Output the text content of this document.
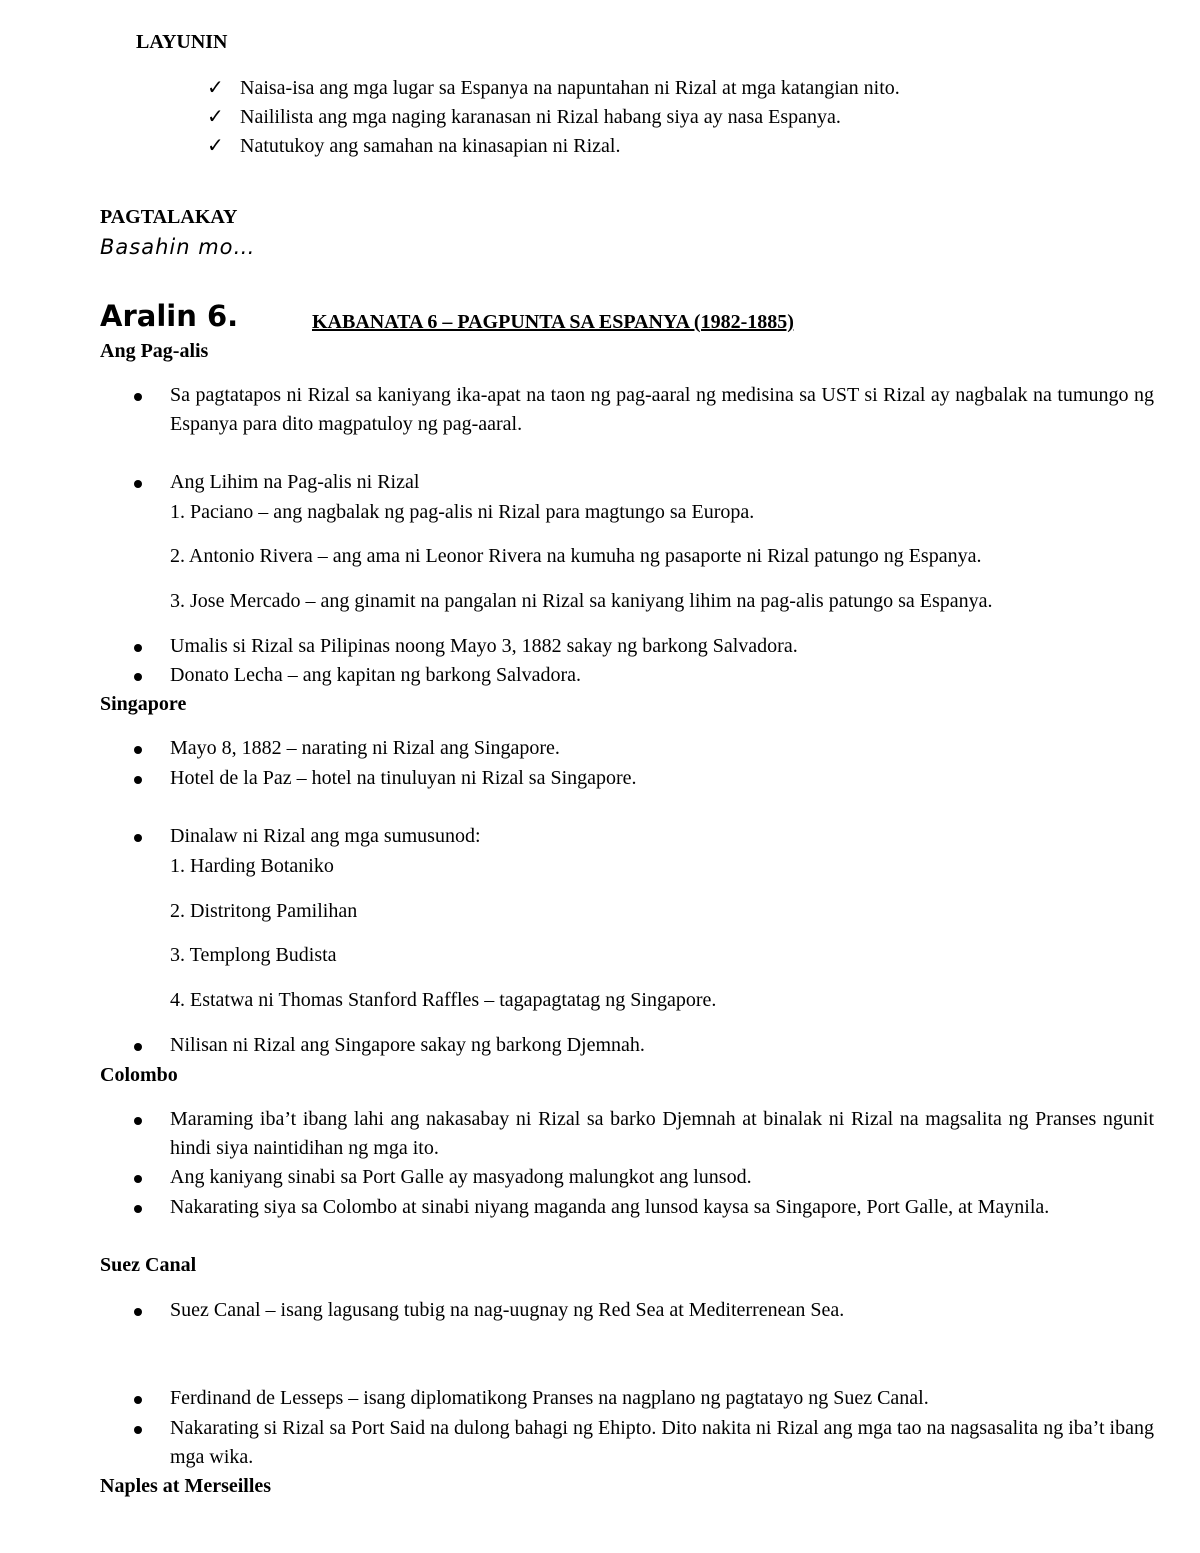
LAYUNIN
✓ Naisa-isa ang mga lugar sa Espanya na napuntahan ni Rizal at mga katangian nito.
✓ Naililista ang mga naging karanasan ni Rizal habang siya ay nasa Espanya.
✓ Natutukoy ang samahan na kinasapian ni Rizal.
PAGTALAKAY
Basahin mo…
Aralin 6.	KABANATA 6 – PAGPUNTA SA ESPANYA (1982-1885)
Ang Pag-alis
Sa pagtatapos ni Rizal sa kaniyang ika-apat na taon ng pag-aaral ng medisina sa UST si Rizal ay nagbalak na tumungo ng Espanya para dito magpatuloy ng pag-aaral.
Ang Lihim na Pag-alis ni Rizal
1. Paciano – ang nagbalak ng pag-alis ni Rizal para magtungo sa Europa.
2. Antonio Rivera – ang ama ni Leonor Rivera na kumuha ng pasaporte ni Rizal patungo ng Espanya.
3. Jose Mercado – ang ginamit na pangalan ni Rizal sa kaniyang lihim na pag-alis patungo sa Espanya.
Umalis si Rizal sa Pilipinas noong Mayo 3, 1882 sakay ng barkong Salvadora.
Donato Lecha – ang kapitan ng barkong Salvadora.
Singapore
Mayo 8, 1882 – narating ni Rizal ang Singapore.
Hotel de la Paz – hotel na tinuluyan ni Rizal sa Singapore.
Dinalaw ni Rizal ang mga sumusunod:
1. Harding Botaniko
2. Distritong Pamilihan
3. Templong Budista
4. Estatwa ni Thomas Stanford Raffles – tagapagtatag ng Singapore.
Nilisan ni Rizal ang Singapore sakay ng barkong Djemnah.
Colombo
Maraming iba’t ibang lahi ang nakasabay ni Rizal sa barko Djemnah at binalak ni Rizal na magsalita ng Pranses ngunit hindi siya naintidihan ng mga ito.
Ang kaniyang sinabi sa Port Galle ay masyadong malungkot ang lunsod.
Nakarating siya sa Colombo at sinabi niyang maganda ang lunsod kaysa sa Singapore, Port Galle, at Maynila.
Suez Canal
Suez Canal – isang lagusang tubig na nag-uugnay ng Red Sea at Mediterrenean Sea.
Ferdinand de Lesseps – isang diplomatikong Pranses na nagplano ng pagtatayo ng Suez Canal.
Nakarating si Rizal sa Port Said na dulong bahagi ng Ehipto. Dito nakita ni Rizal ang mga tao na nagsasalita ng iba’t ibang mga wika.
Naples at Merseilles
